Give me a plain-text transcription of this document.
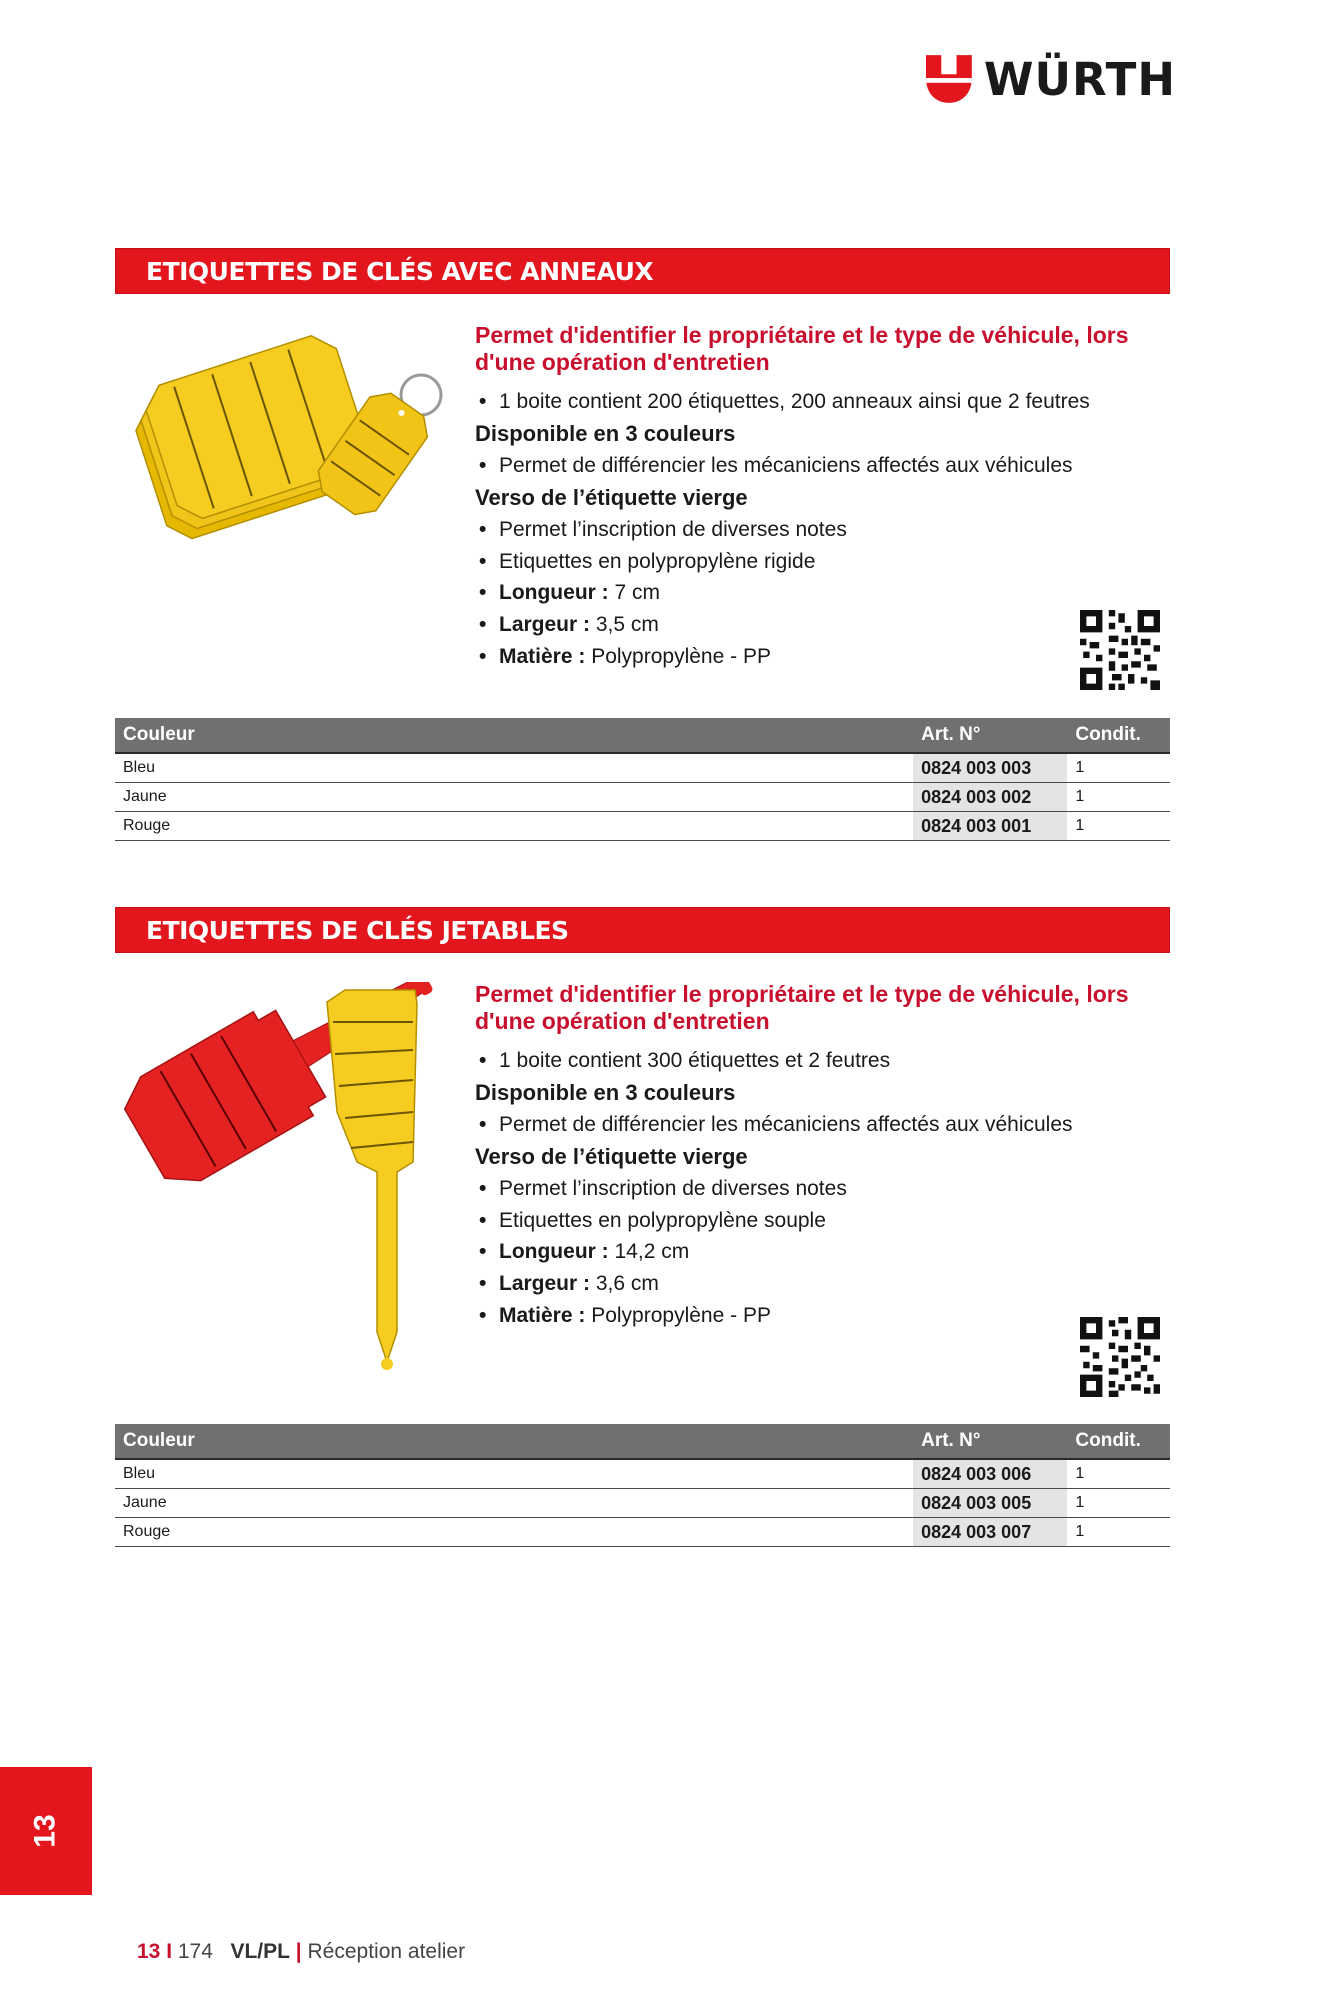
WÜRTH
ETIQUETTES DE CLÉS AVEC ANNEAUX
Permet d'identifier le propriétaire et le type de véhicule, lors d'une opération d'entretien
• 1 boite contient 200 étiquettes, 200 anneaux ainsi que 2 feutres
Disponible en 3 couleurs
• Permet de différencier les mécaniciens affectés aux véhicules
Verso de l’étiquette vierge
• Permet l’inscription de diverses notes
• Etiquettes en polypropylène rigide
• Longueur : 7 cm
• Largeur : 3,5 cm
• Matière : Polypropylène - PP
Couleur	Art. N°	Condit.
Bleu	0824 003 003	1
Jaune	0824 003 002	1
Rouge	0824 003 001	1
ETIQUETTES DE CLÉS JETABLES
Permet d'identifier le propriétaire et le type de véhicule, lors d'une opération d'entretien
• 1 boite contient 300 étiquettes et 2 feutres
Disponible en 3 couleurs
• Permet de différencier les mécaniciens affectés aux véhicules
Verso de l’étiquette vierge
• Permet l’inscription de diverses notes
• Etiquettes en polypropylène souple
• Longueur : 14,2 cm
• Largeur : 3,6 cm
• Matière : Polypropylène - PP
Couleur	Art. N°	Condit.
Bleu	0824 003 006	1
Jaune	0824 003 005	1
Rouge	0824 003 007	1
13
13 I 174 VL/PL | Réception atelier
